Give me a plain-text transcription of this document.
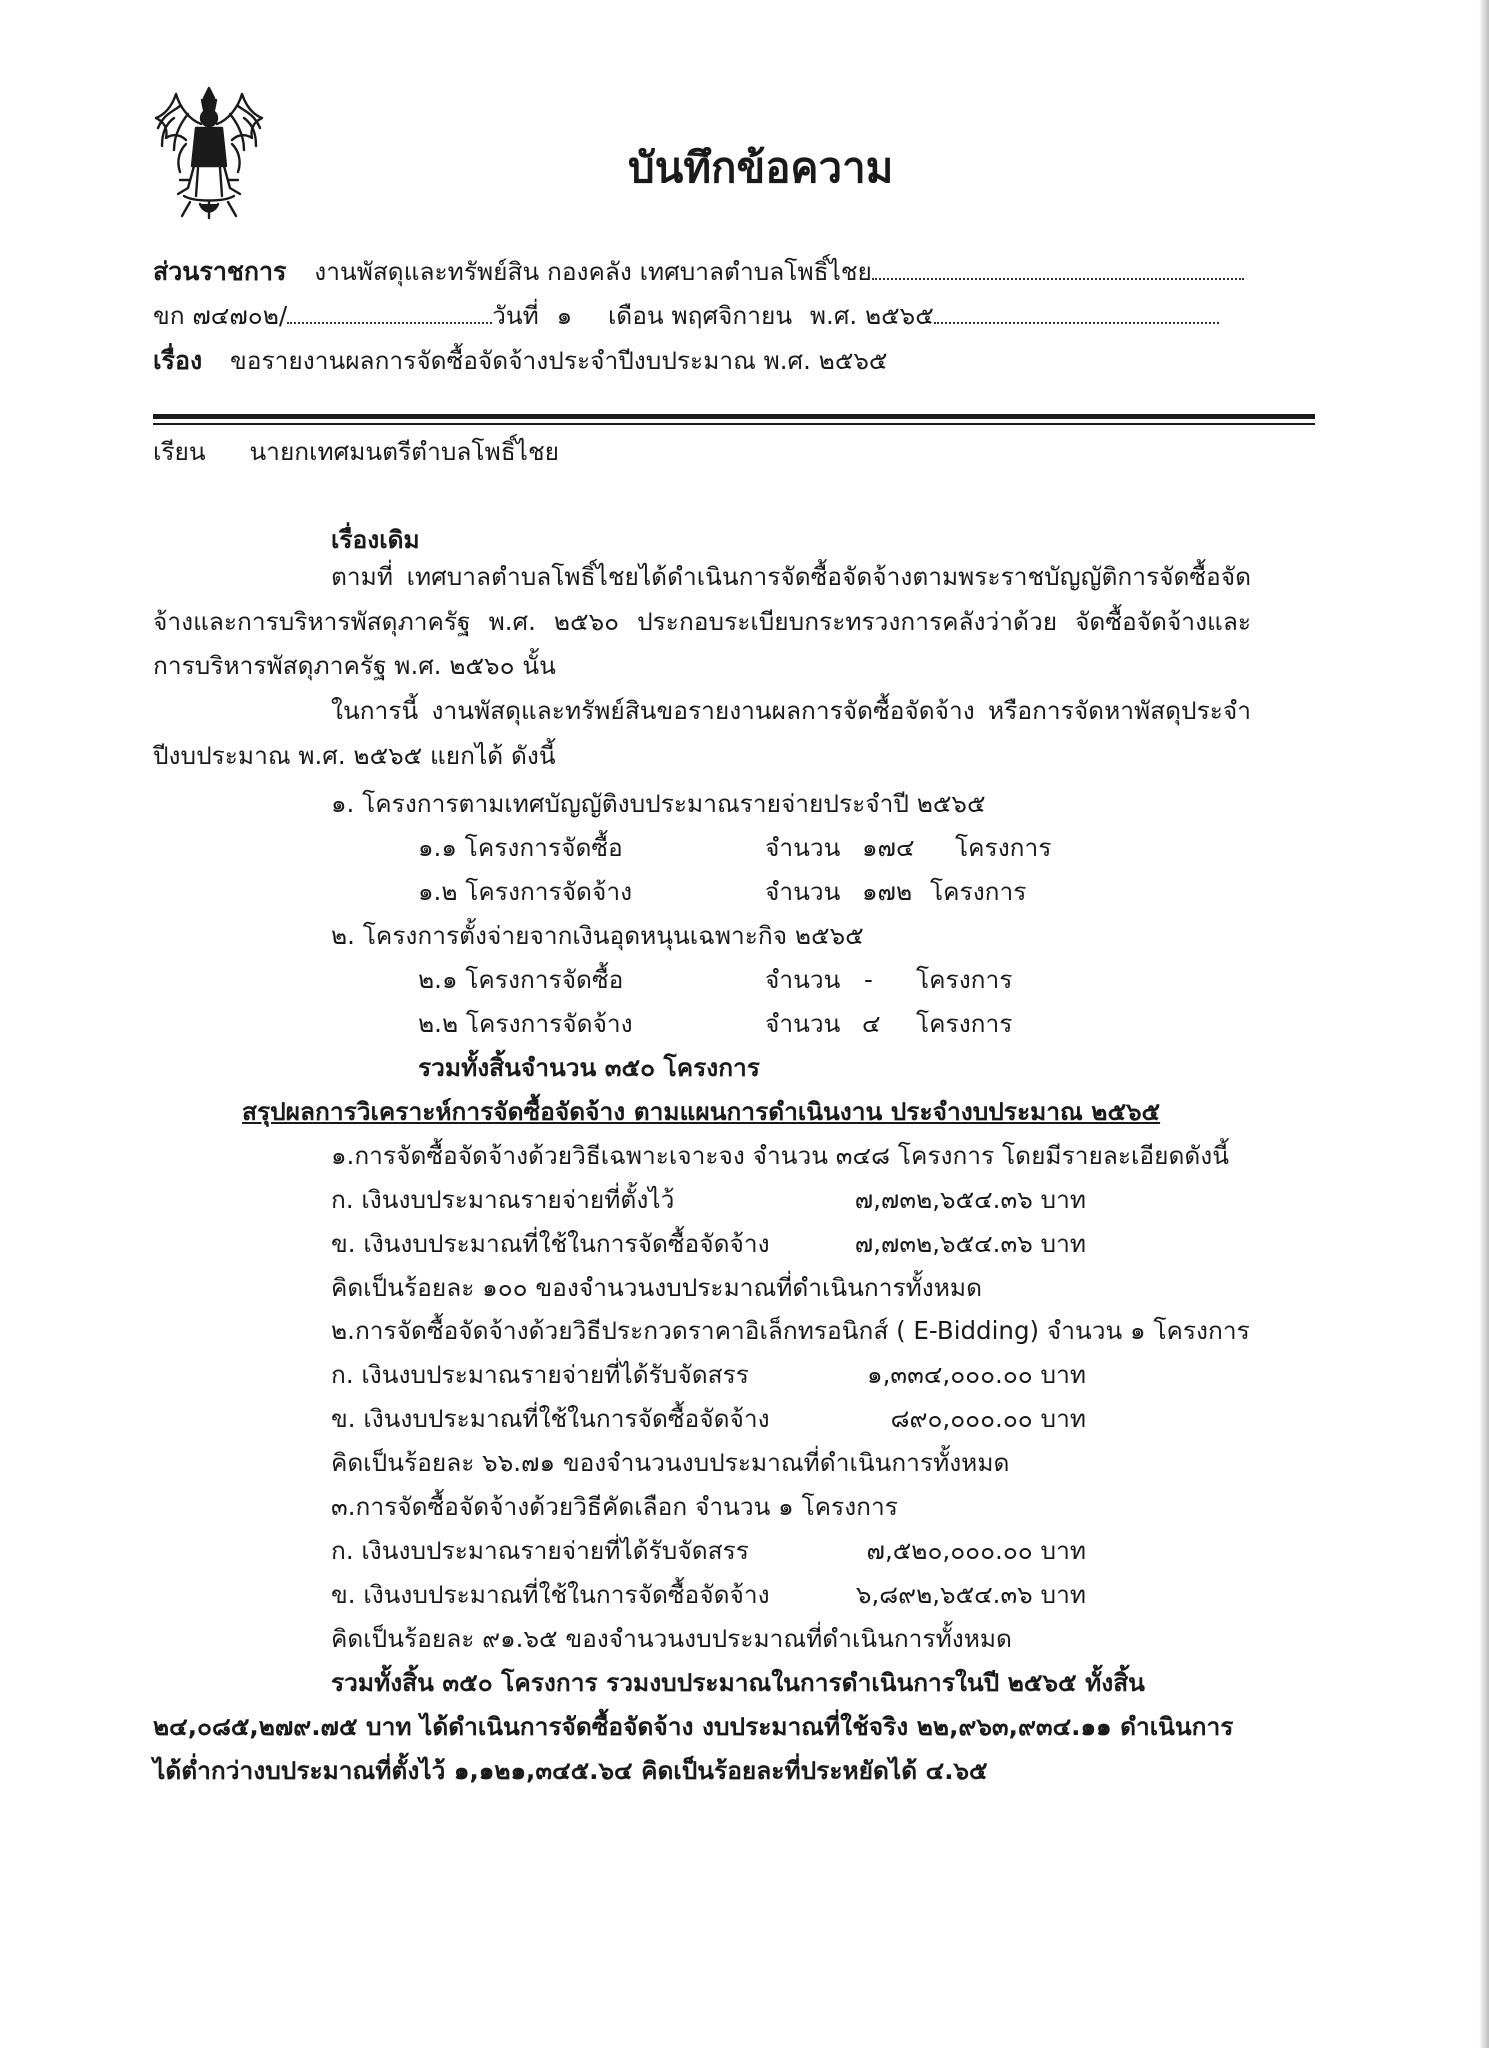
บันทึกข้อความ
ส่วนราชการ งานพัสดุและทรัพย์สิน กองคลัง เทศบาลตำบลโพธิ์ไชย
ขก ๗๔๗๐๒/	วันที่ ๑ เดือน พฤศจิกายน พ.ศ. ๒๕๖๕
เรื่อง ขอรายงานผลการจัดซื้อจัดจ้างประจำปีงบประมาณ พ.ศ. ๒๕๖๕
เรียน นายกเทศมนตรีตำบลโพธิ์ไชย
เรื่องเดิม
ตามที่ เทศบาลตำบลโพธิ์ไชยได้ดำเนินการจัดซื้อจัดจ้างตามพระราชบัญญัติการจัดซื้อจัดจ้างและการบริหารพัสดุภาครัฐ พ.ศ. ๒๕๖๐ ประกอบระเบียบกระทรวงการคลังว่าด้วย จัดซื้อจัดจ้างและการบริหารพัสดุภาครัฐ พ.ศ. ๒๕๖๐ นั้น
ในการนี้ งานพัสดุและทรัพย์สินขอรายงานผลการจัดซื้อจัดจ้าง หรือการจัดหาพัสดุประจำปีงบประมาณ พ.ศ. ๒๕๖๕ แยกได้ ดังนี้
๑. โครงการตามเทศบัญญัติงบประมาณรายจ่ายประจำปี ๒๕๖๕
๑.๑ โครงการจัดซื้อ	จำนวน ๑๗๔ โครงการ
๑.๒ โครงการจัดจ้าง	จำนวน ๑๗๒ โครงการ
๒. โครงการตั้งจ่ายจากเงินอุดหนุนเฉพาะกิจ ๒๕๖๕
๒.๑ โครงการจัดซื้อ	จำนวน - โครงการ
๒.๒ โครงการจัดจ้าง	จำนวน ๔ โครงการ
รวมทั้งสิ้นจำนวน ๓๕๐ โครงการ
สรุปผลการวิเคราะห์การจัดซื้อจัดจ้าง ตามแผนการดำเนินงาน ประจำงบประมาณ ๒๕๖๕
๑.การจัดซื้อจัดจ้างด้วยวิธีเฉพาะเจาะจง จำนวน ๓๔๘ โครงการ โดยมีรายละเอียดดังนี้
ก. เงินงบประมาณรายจ่ายที่ตั้งไว้	๗,๗๓๒,๖๕๔.๓๖ บาท
ข. เงินงบประมาณที่ใช้ในการจัดซื้อจัดจ้าง	๗,๗๓๒,๖๕๔.๓๖ บาท
คิดเป็นร้อยละ ๑๐๐ ของจำนวนงบประมาณที่ดำเนินการทั้งหมด
๒.การจัดซื้อจัดจ้างด้วยวิธีประกวดราคาอิเล็กทรอนิกส์ ( E-Bidding) จำนวน ๑ โครงการ
ก. เงินงบประมาณรายจ่ายที่ได้รับจัดสรร	๑,๓๓๔,๐๐๐.๐๐ บาท
ข. เงินงบประมาณที่ใช้ในการจัดซื้อจัดจ้าง	๘๙๐,๐๐๐.๐๐ บาท
คิดเป็นร้อยละ ๖๖.๗๑ ของจำนวนงบประมาณที่ดำเนินการทั้งหมด
๓.การจัดซื้อจัดจ้างด้วยวิธีคัดเลือก จำนวน ๑ โครงการ
ก. เงินงบประมาณรายจ่ายที่ได้รับจัดสรร	๗,๕๒๐,๐๐๐.๐๐ บาท
ข. เงินงบประมาณที่ใช้ในการจัดซื้อจัดจ้าง	๖,๘๙๒,๖๕๔.๓๖ บาท
คิดเป็นร้อยละ ๙๑.๖๕ ของจำนวนงบประมาณที่ดำเนินการทั้งหมด
รวมทั้งสิ้น ๓๕๐ โครงการ รวมงบประมาณในการดำเนินการในปี ๒๕๖๕ ทั้งสิ้น
๒๔,๐๘๕,๒๗๙.๗๕ บาท ได้ดำเนินการจัดซื้อจัดจ้าง งบประมาณที่ใช้จริง ๒๒,๙๖๓,๙๓๔.๑๑ ดำเนินการ
ได้ต่ำกว่างบประมาณที่ตั้งไว้ ๑,๑๒๑,๓๔๕.๖๔ คิดเป็นร้อยละที่ประหยัดได้ ๔.๖๕
